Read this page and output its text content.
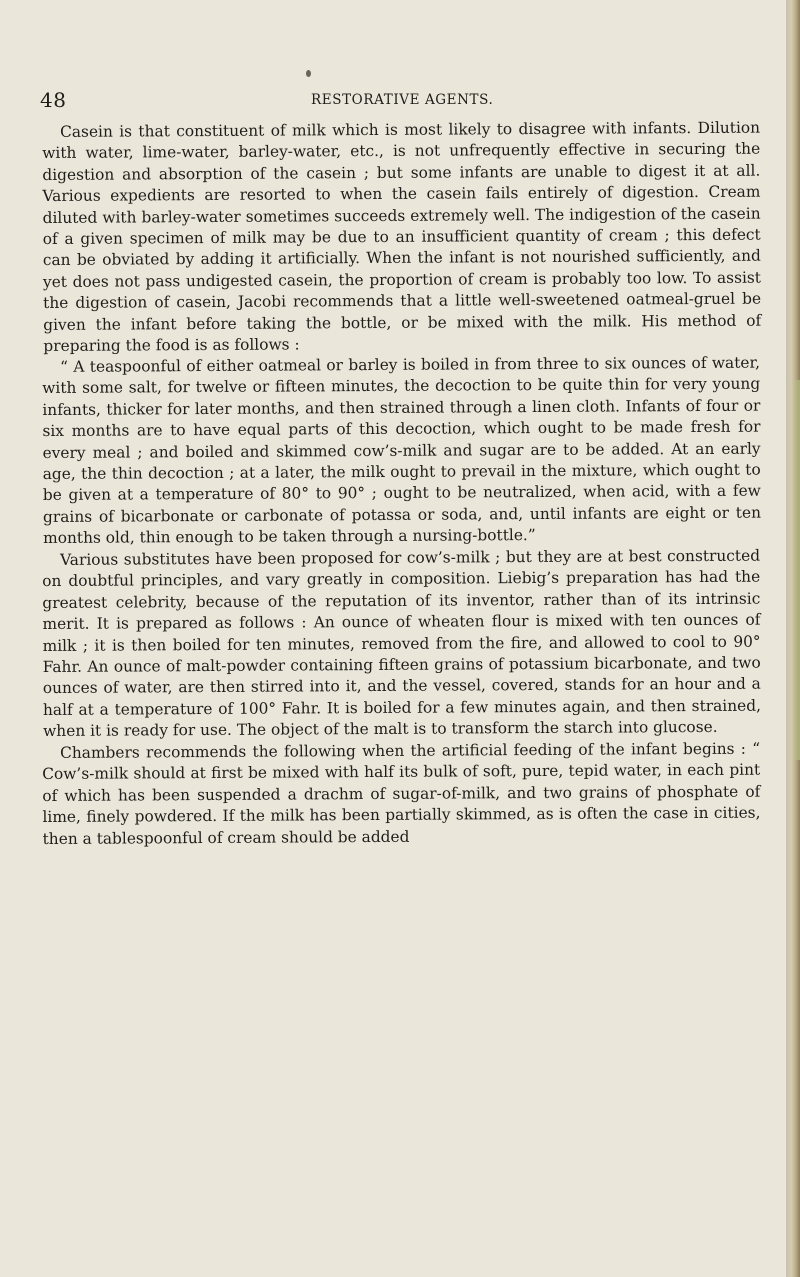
48	RESTORATIVE AGENTS.

Casein is that constituent of milk which is most likely to disagree with infants. Dilution with water, lime-water, barley-water, etc., is not unfrequently effective in securing the digestion and absorption of the casein ; but some infants are unable to digest it at all. Various expedients are resorted to when the casein fails entirely of digestion. Cream diluted with barley-water sometimes succeeds extremely well. The indigestion of the casein of a given specimen of milk may be due to an insufficient quantity of cream ; this defect can be obviated by adding it artificially. When the infant is not nourished sufficiently, and yet does not pass undigested casein, the proportion of cream is probably too low. To assist the digestion of casein, Jacobi recommends that a little well-sweetened oatmeal-gruel be given the infant before taking the bottle, or be mixed with the milk. His method of preparing the food is as follows :

“ A teaspoonful of either oatmeal or barley is boiled in from three to six ounces of water, with some salt, for twelve or fifteen minutes, the decoction to be quite thin for very young infants, thicker for later months, and then strained through a linen cloth. Infants of four or six months are to have equal parts of this decoction, which ought to be made fresh for every meal ; and boiled and skimmed cow’s-milk and sugar are to be added. At an early age, the thin decoction ; at a later, the milk ought to prevail in the mixture, which ought to be given at a temperature of 80° to 90° ; ought to be neutralized, when acid, with a few grains of bicarbonate or carbonate of potassa or soda, and, until infants are eight or ten months old, thin enough to be taken through a nursing-bottle.”

Various substitutes have been proposed for cow’s-milk ; but they are at best constructed on doubtful principles, and vary greatly in composition. Liebig’s preparation has had the greatest celebrity, because of the reputation of its inventor, rather than of its intrinsic merit. It is prepared as follows : An ounce of wheaten flour is mixed with ten ounces of milk ; it is then boiled for ten minutes, removed from the fire, and allowed to cool to 90° Fahr. An ounce of malt-powder containing fifteen grains of potassium bicarbonate, and two ounces of water, are then stirred into it, and the vessel, covered, stands for an hour and a half at a temperature of 100° Fahr. It is boiled for a few minutes again, and then strained, when it is ready for use. The object of the malt is to transform the starch into glucose.

Chambers recommends the following when the artificial feeding of the infant begins : “ Cow’s-milk should at first be mixed with half its bulk of soft, pure, tepid water, in each pint of which has been suspended a drachm of sugar-of-milk, and two grains of phosphate of lime, finely powdered. If the milk has been partially skimmed, as is often the case in cities, then a tablespoonful of cream should be added
